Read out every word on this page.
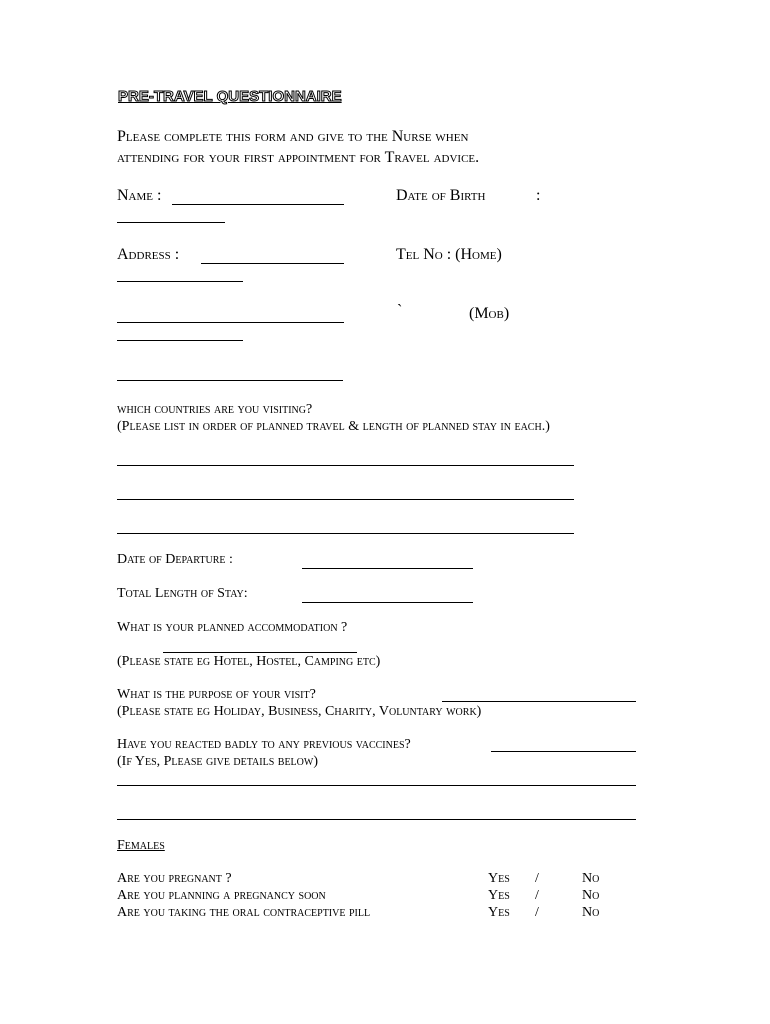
PRE-TRAVEL QUESTIONNAIRE
Please complete this form and give to the Nurse when
attending for your first appointment for Travel advice.
Name :	Date of Birth	:
Address :	Tel No : (Home)
`	(Mob)
which countries are you visiting?
(Please list in order of planned travel & length of planned stay in each.)
Date of Departure :
Total Length of Stay:
What is your planned accommodation ?
(Please state eg Hotel, Hostel, Camping etc)
What is the purpose of your visit?
(Please state eg Holiday, Business, Charity, Voluntary work)
Have you reacted badly to any previous vaccines?
(If Yes, Please give details below)
Females
Are you pregnant ?	Yes /	No
Are you planning a pregnancy soon	Yes /	No
Are you taking the oral contraceptive pill	Yes /	No
